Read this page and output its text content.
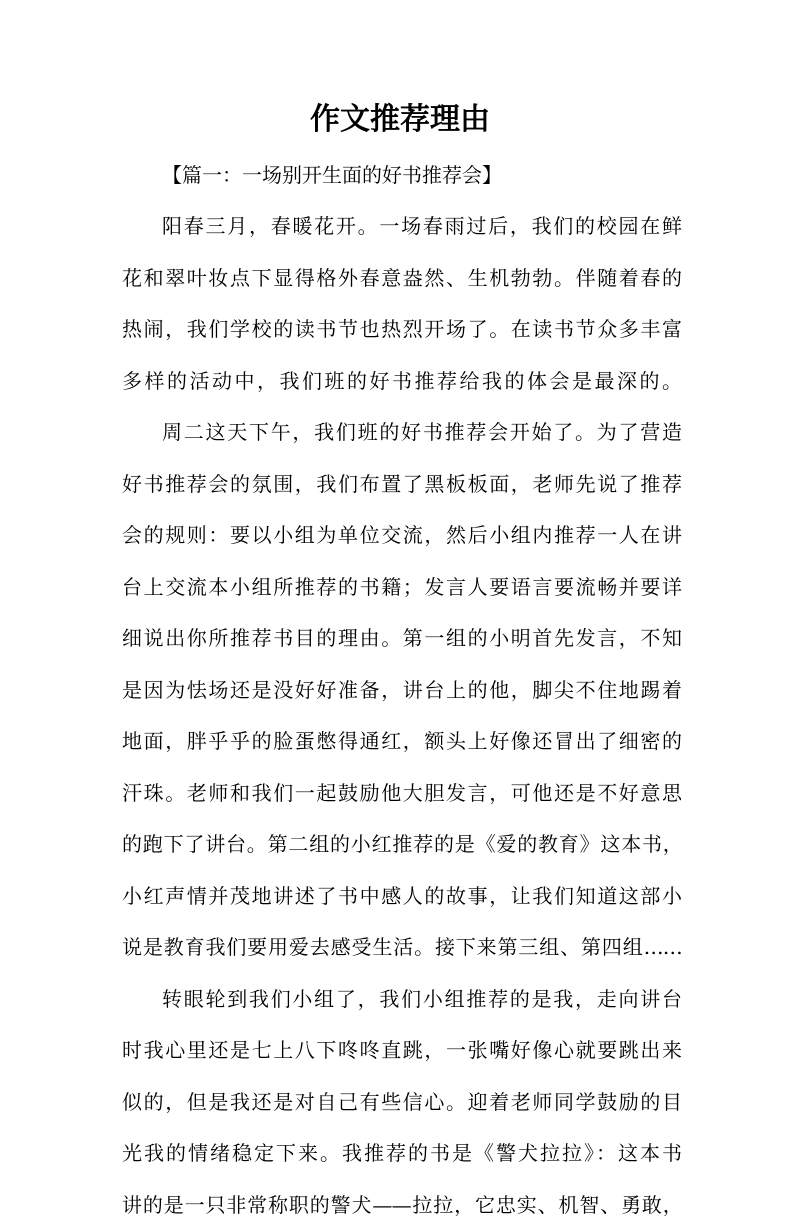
作文推荐理由
【篇一：一场别开生面的好书推荐会】
阳春三月，春暖花开。一场春雨过后，我们的校园在鲜
花和翠叶妆点下显得格外春意盎然、生机勃勃。伴随着春的
热闹，我们学校的读书节也热烈开场了。在读书节众多丰富
多样的活动中，我们班的好书推荐给我的体会是最深的。
周二这天下午，我们班的好书推荐会开始了。为了营造
好书推荐会的氛围，我们布置了黑板板面，老师先说了推荐
会的规则：要以小组为单位交流，然后小组内推荐一人在讲
台上交流本小组所推荐的书籍；发言人要语言要流畅并要详
细说出你所推荐书目的理由。第一组的小明首先发言，不知
是因为怯场还是没好好准备，讲台上的他，脚尖不住地踢着
地面，胖乎乎的脸蛋憋得通红，额头上好像还冒出了细密的
汗珠。老师和我们一起鼓励他大胆发言，可他还是不好意思
的跑下了讲台。第二组的小红推荐的是《爱的教育》这本书，
小红声情并茂地讲述了书中感人的故事，让我们知道这部小
说是教育我们要用爱去感受生活。接下来第三组、第四组……
转眼轮到我们小组了，我们小组推荐的是我，走向讲台
时我心里还是七上八下咚咚直跳，一张嘴好像心就要跳出来
似的，但是我还是对自己有些信心。迎着老师同学鼓励的目
光我的情绪稳定下来。我推荐的书是《警犬拉拉》：这本书
讲的是一只非常称职的警犬——拉拉，它忠实、机智、勇敢，
